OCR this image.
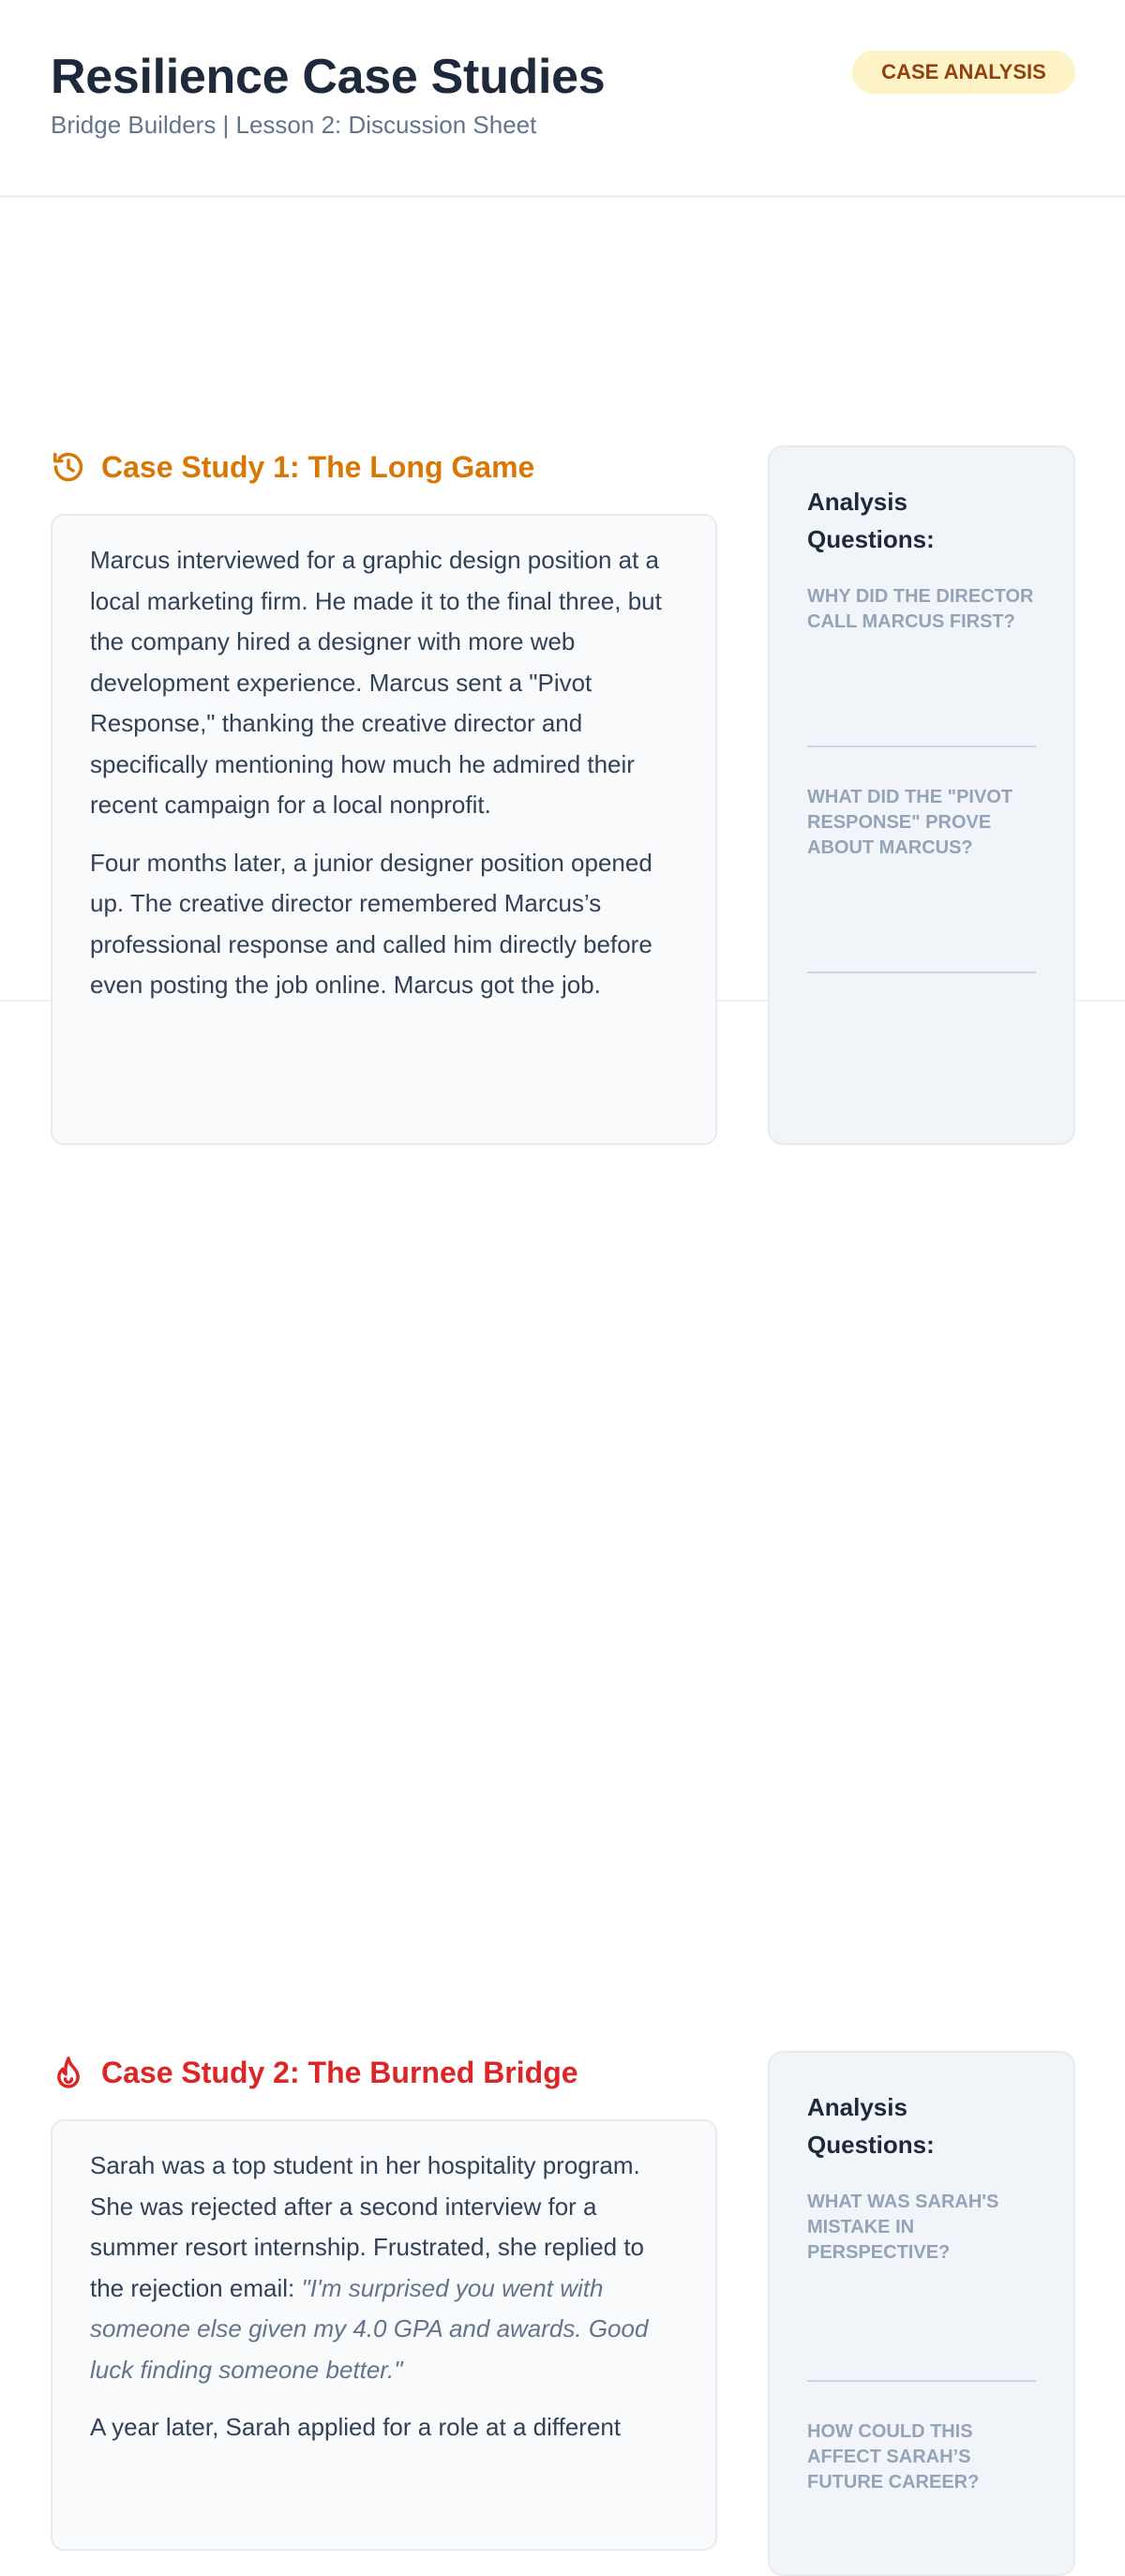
Resilience Case Studies
Bridge Builders | Lesson 2: Discussion Sheet
CASE ANALYSIS
Case Study 1: The Long Game

Marcus interviewed for a graphic design position at a local marketing firm. He made it to the final three, but the company hired a designer with more web development experience. Marcus sent a "Pivot Response," thanking the creative director and specifically mentioning how much he admired their recent campaign for a local nonprofit.

Four months later, a junior designer position opened up. The creative director remembered Marcus’s professional response and called him directly before even posting the job online. Marcus got the job.

Analysis Questions:
WHY DID THE DIRECTOR CALL MARCUS FIRST?
WHAT DID THE "PIVOT RESPONSE" PROVE ABOUT MARCUS?
Case Study 2: The Burned Bridge

Sarah was a top student in her hospitality program. She was rejected after a second interview for a summer resort internship. Frustrated, she replied to the rejection email: "I'm surprised you went with someone else given my 4.0 GPA and awards. Good luck finding someone better."

A year later, Sarah applied for a role at a different

Analysis Questions:
WHAT WAS SARAH'S MISTAKE IN PERSPECTIVE?
HOW COULD THIS AFFECT SARAH’S FUTURE CAREER?
